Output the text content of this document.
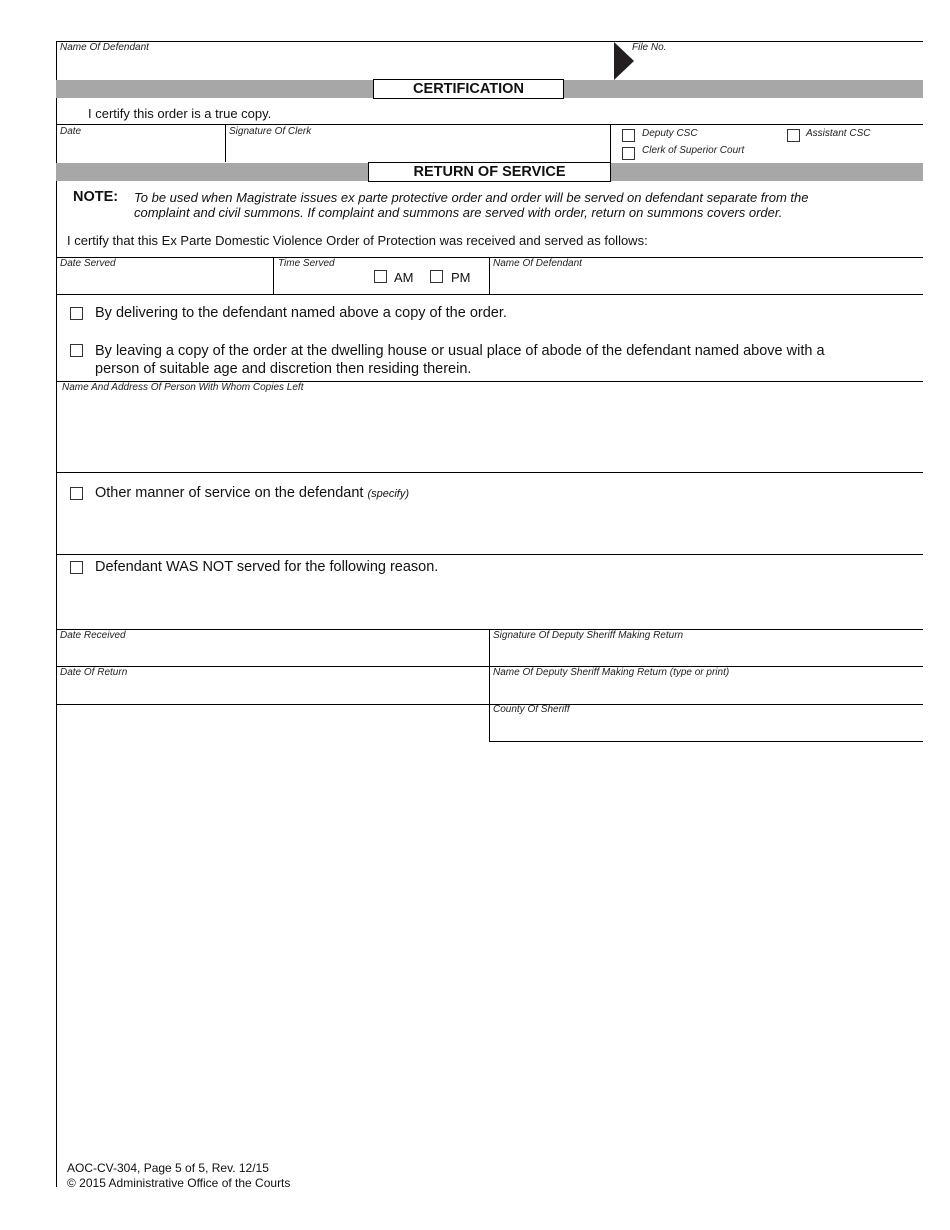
Name Of Defendant	File No.
CERTIFICATION
I certify this order is a true copy.
Date	Signature Of Clerk	Deputy CSC	Assistant CSC
Clerk of Superior Court
RETURN OF SERVICE
NOTE: To be used when Magistrate issues ex parte protective order and order will be served on defendant separate from the
complaint and civil summons. If complaint and summons are served with order, return on summons covers order.
I certify that this Ex Parte Domestic Violence Order of Protection was received and served as follows:
Date Served	Time Served
AM	PM
Name Of Defendant
By delivering to the defendant named above a copy of the order.
By leaving a copy of the order at the dwelling house or usual place of abode of the defendant named above with a
person of suitable age and discretion then residing therein.
Name And Address Of Person With Whom Copies Left
Other manner of service on the defendant (specify)
Defendant WAS NOT served for the following reason.
Date Received	Signature Of Deputy Sheriff Making Return
Date Of Return	Name Of Deputy Sheriff Making Return (type or print)
County Of Sheriff
AOC-CV-304, Page 5 of 5, Rev. 12/15
© 2015 Administrative Office of the Courts
